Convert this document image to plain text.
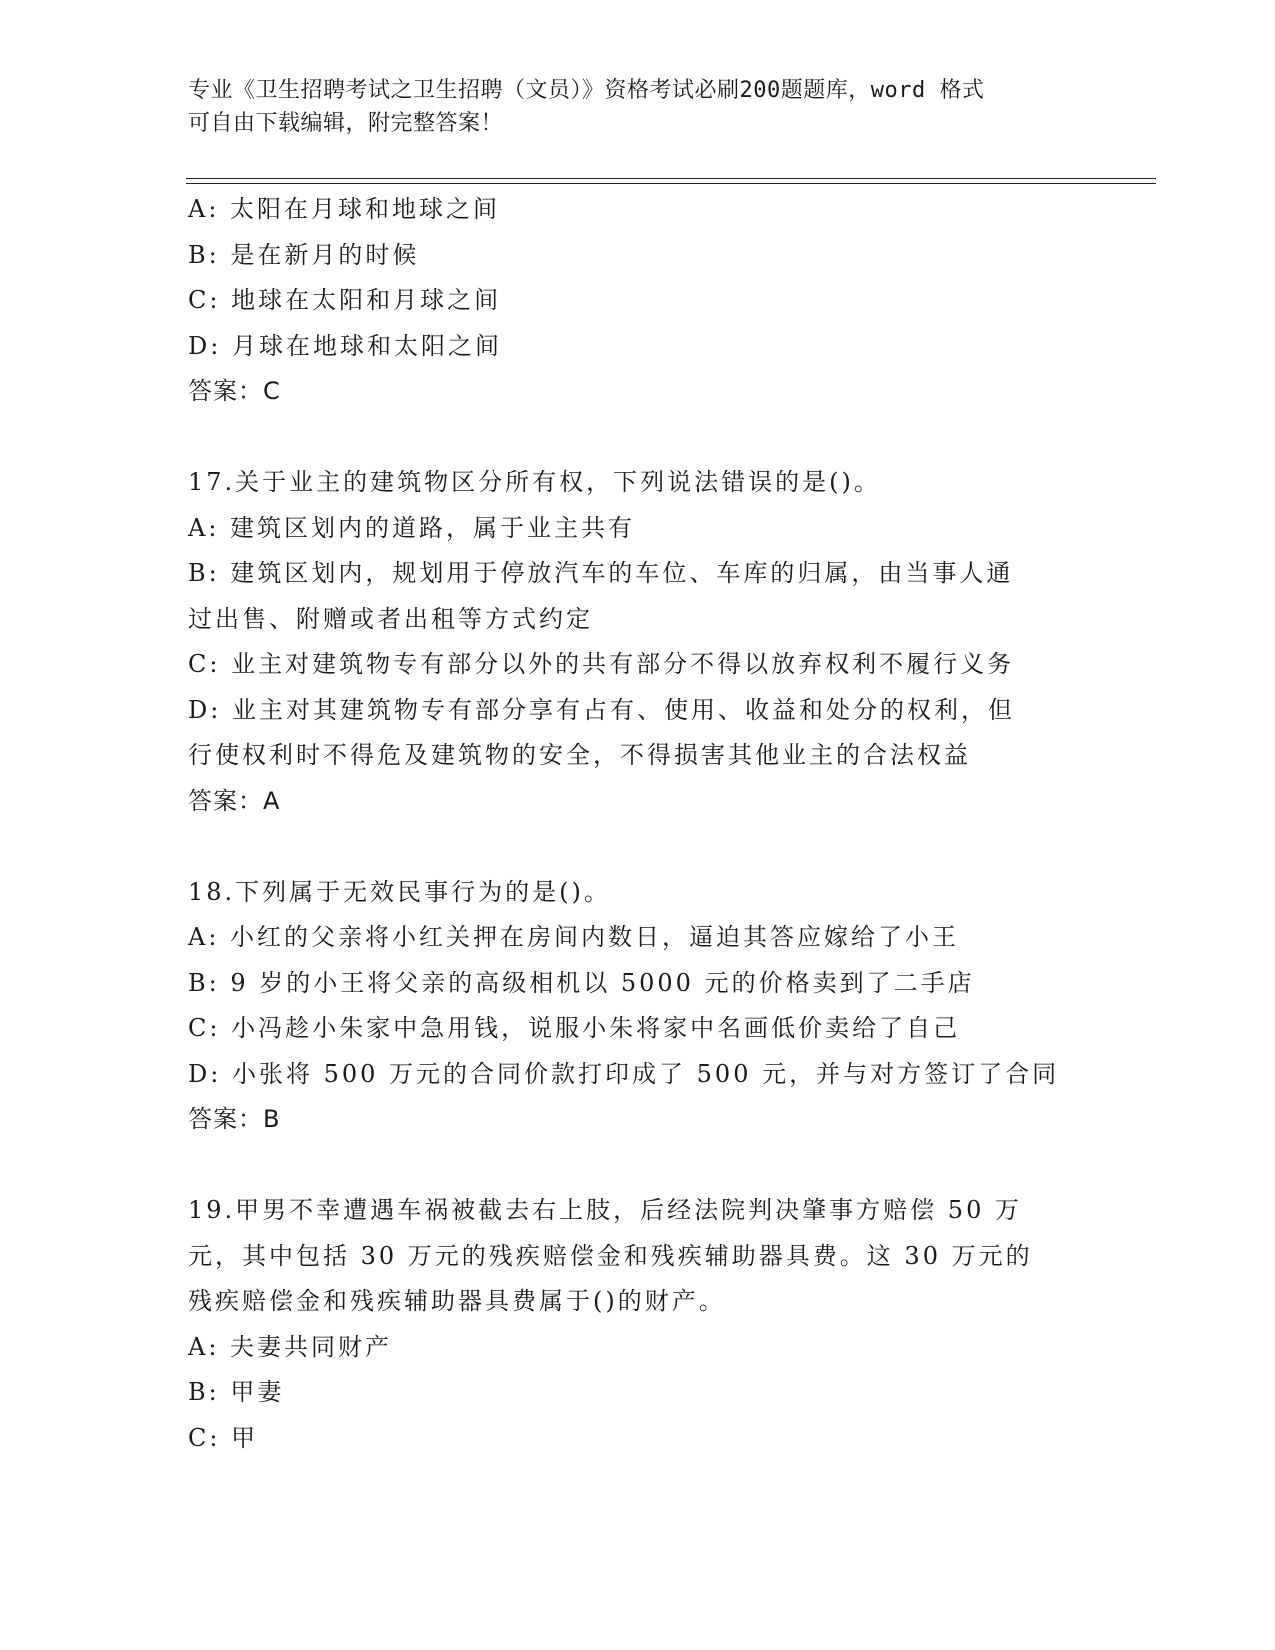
专业《卫生招聘考试之卫生招聘（文员）》资格考试必刷200题题库，word 格式

可自由下载编辑，附完整答案！

A: 太阳在月球和地球之间

B: 是在新月的时候

C: 地球在太阳和月球之间

D: 月球在地球和太阳之间

答案：C

17.关于业主的建筑物区分所有权，下列说法错误的是()。

A: 建筑区划内的道路，属于业主共有

B: 建筑区划内，规划用于停放汽车的车位、车库的归属，由当事人通

过出售、附赠或者出租等方式约定

C: 业主对建筑物专有部分以外的共有部分不得以放弃权利不履行义务

D: 业主对其建筑物专有部分享有占有、使用、收益和处分的权利，但

行使权利时不得危及建筑物的安全，不得损害其他业主的合法权益

答案：A

18.下列属于无效民事行为的是()。

A: 小红的父亲将小红关押在房间内数日，逼迫其答应嫁给了小王

B: 9 岁的小王将父亲的高级相机以 5000 元的价格卖到了二手店

C: 小冯趁小朱家中急用钱，说服小朱将家中名画低价卖给了自己

D: 小张将 500 万元的合同价款打印成了 500 元，并与对方签订了合同

答案：B

19.甲男不幸遭遇车祸被截去右上肢，后经法院判决肇事方赔偿 50 万

元，其中包括 30 万元的残疾赔偿金和残疾辅助器具费。这 30 万元的

残疾赔偿金和残疾辅助器具费属于()的财产。

A: 夫妻共同财产

B: 甲妻

C: 甲
